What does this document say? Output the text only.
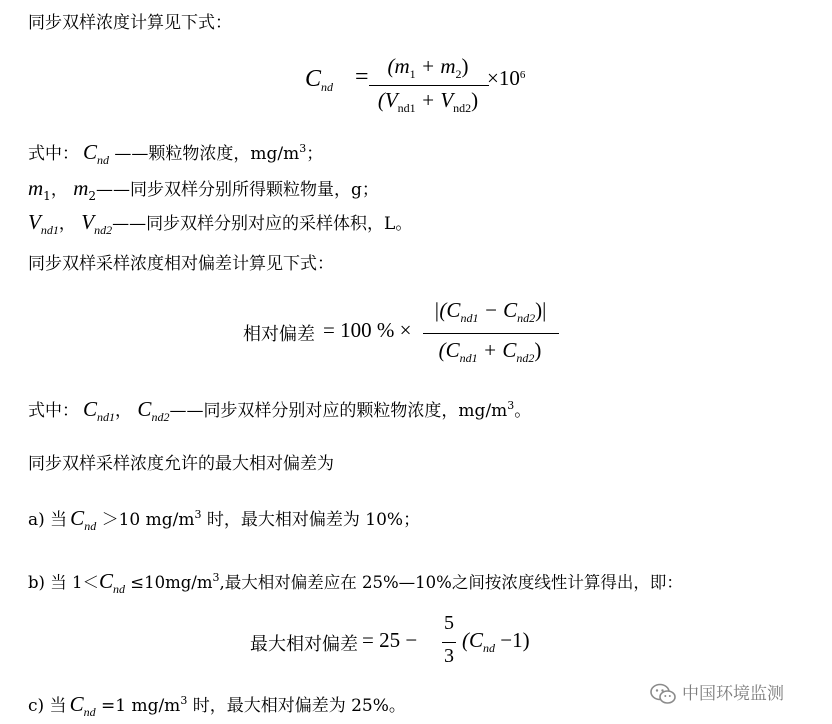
同步双样浓度计算见下式：
$C_{nd} = (m_1 + m_2)$
$(V_{nd1} + V_{nd2})$
$\times 10^6$
式中： $C_{nd}$ ——颗粒物浓度，$mg/m^3$；
$m_1$， $m_2——$同步双样分别所得颗粒物量，g；
$V_{nd1}$， $V_{nd2}——$同步双样分别对应的采样体积，L。
同步双样采样浓度相对偏差计算见下式：
相对偏差 = 100 % ×
$|(C_{nd1} - C_{nd2})|$
$(C_{nd1} + C_{nd2})$
式中： $C_{nd1}$， $C_{nd2}——$同步双样分别对应的颗粒物浓度，$mg/m^3$。
同步双样采样浓度允许的最大相对偏差为
a) 当 $C_{nd} >10$ $mg/m^3$ 时，最大相对偏差为 10%；
b) 当 $1<C_{nd} \le 10mg/m^3$,最大相对偏差应在 25%—10%之间按浓度线性计算得出，即：
最大相对偏差 = 25 −
5
3
$(C_{nd} -1)$
c) 当 $C_{nd} =1$ $mg/m^3$ 时，最大相对偏差为 25%。
中国环境监测
